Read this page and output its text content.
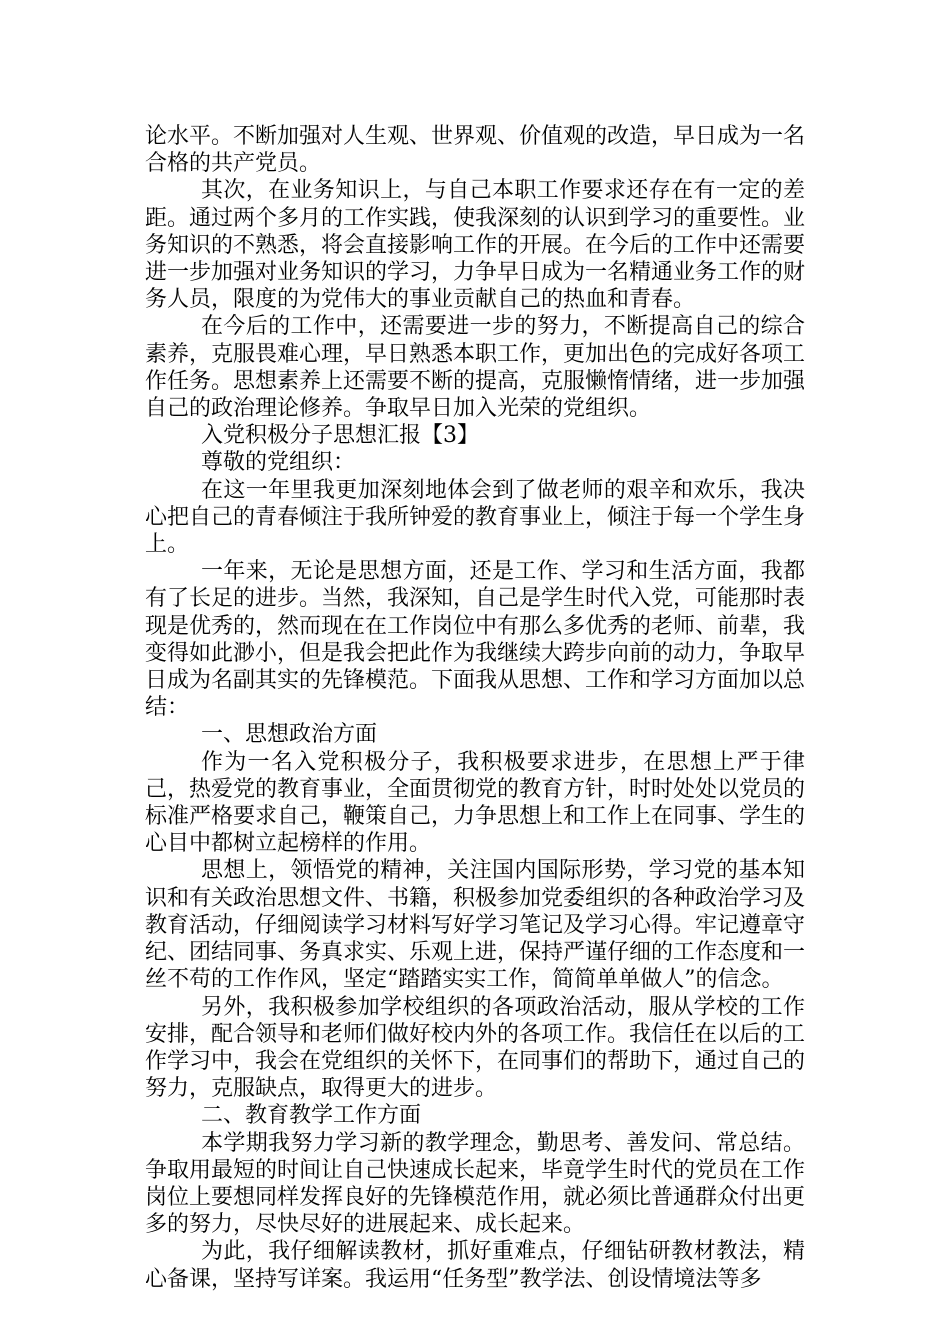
论水平。不断加强对人生观、世界观、价值观的改造，早日成为一名合格的共产党员。

其次，在业务知识上，与自己本职工作要求还存在有一定的差距。通过两个多月的工作实践，使我深刻的认识到学习的重要性。业务知识的不熟悉，将会直接影响工作的开展。在今后的工作中还需要进一步加强对业务知识的学习，力争早日成为一名精通业务工作的财务人员，限度的为党伟大的事业贡献自己的热血和青春。

在今后的工作中，还需要进一步的努力，不断提高自己的综合素养，克服畏难心理，早日熟悉本职工作，更加出色的完成好各项工作任务。思想素养上还需要不断的提高，克服懒惰情绪，进一步加强自己的政治理论修养。争取早日加入光荣的党组织。

入党积极分子思想汇报【3】

尊敬的党组织：

在这一年里我更加深刻地体会到了做老师的艰辛和欢乐，我决心把自己的青春倾注于我所钟爱的教育事业上，倾注于每一个学生身上。

一年来，无论是思想方面，还是工作、学习和生活方面，我都有了长足的进步。当然，我深知，自己是学生时代入党，可能那时表现是优秀的，然而现在在工作岗位中有那么多优秀的老师、前辈，我变得如此渺小，但是我会把此作为我继续大跨步向前的动力，争取早日成为名副其实的先锋模范。下面我从思想、工作和学习方面加以总结：

一、思想政治方面

作为一名入党积极分子，我积极要求进步，在思想上严于律己，热爱党的教育事业，全面贯彻党的教育方针，时时处处以党员的标准严格要求自己，鞭策自己，力争思想上和工作上在同事、学生的心目中都树立起榜样的作用。

思想上，领悟党的精神，关注国内国际形势，学习党的基本知识和有关政治思想文件、书籍，积极参加党委组织的各种政治学习及教育活动，仔细阅读学习材料写好学习笔记及学习心得。牢记遵章守纪、团结同事、务真求实、乐观上进，保持严谨仔细的工作态度和一丝不苟的工作作风，坚定“踏踏实实工作，简简单单做人”的信念。

另外，我积极参加学校组织的各项政治活动，服从学校的工作安排，配合领导和老师们做好校内外的各项工作。我信任在以后的工作学习中，我会在党组织的关怀下，在同事们的帮助下，通过自己的努力，克服缺点，取得更大的进步。

二、教育教学工作方面

本学期我努力学习新的教学理念，勤思考、善发问、常总结。争取用最短的时间让自己快速成长起来，毕竟学生时代的党员在工作岗位上要想同样发挥良好的先锋模范作用，就必须比普通群众付出更多的努力，尽快尽好的进展起来、成长起来。

为此，我仔细解读教材，抓好重难点，仔细钻研教材教法，精心备课，坚持写详案。我运用“任务型”教学法、创设情境法等多
